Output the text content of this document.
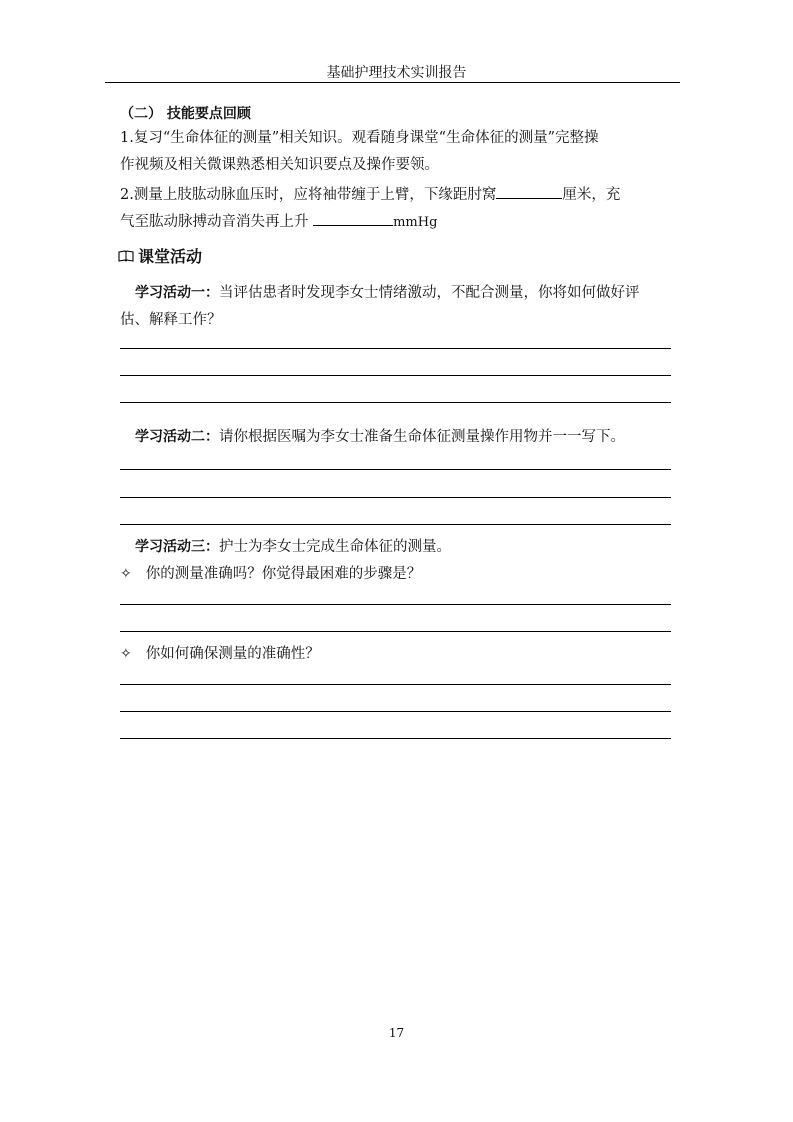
基础护理技术实训报告
（二） 技能要点回顾
1.复习“生命体征的测量”相关知识。观看随身课堂“生命体征的测量”完整操
作视频及相关微课熟悉相关知识要点及操作要领。
2.测量上肢肱动脉血压时，应将袖带缠于上臂，下缘距肘窝	厘米，充
气至肱动脉搏动音消失再上升	mmHg
课堂活动
学习活动一：当评估患者时发现李女士情绪激动，不配合测量，你将如何做好评
估、解释工作？
学习活动二：请你根据医嘱为李女士准备生命体征测量操作用物并一一写下。
学习活动三：护士为李女士完成生命体征的测量。
✧ 你的测量准确吗？你觉得最困难的步骤是？
✧ 你如何确保测量的准确性？
17
